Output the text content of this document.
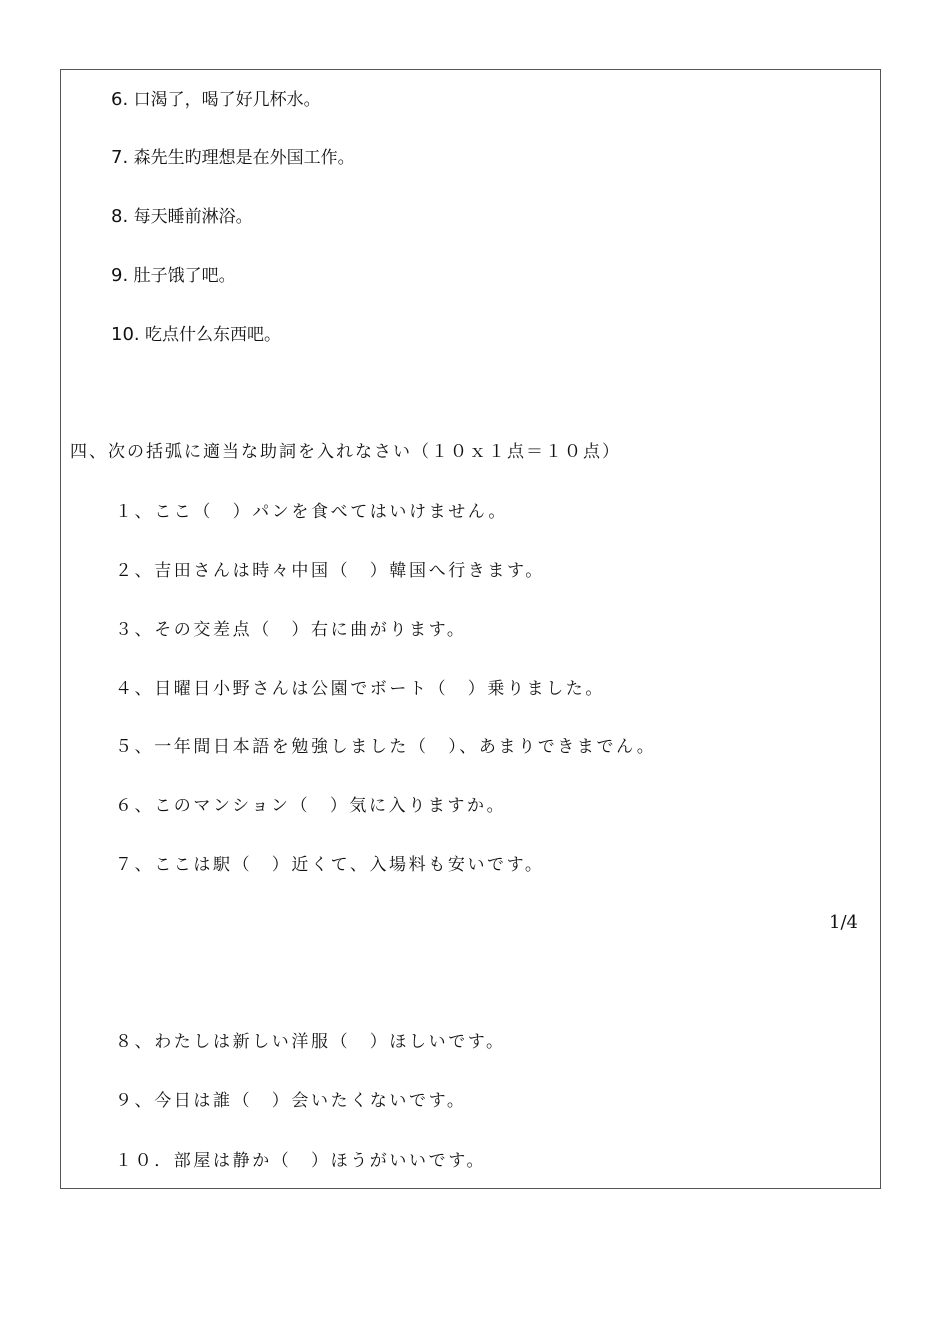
6. 口渴了，喝了好几杯水。
7. 森先生旳理想是在外国工作。
8. 每天睡前淋浴。
9. 肚子饿了吧。
10. 吃点什么东西吧。
四、次の括弧に適当な助詞を入れなさい（１０ｘ１点＝１０点）
１、ここ（　）パンを食べてはいけません。
２、吉田さんは時々中国（　）韓国へ行きます。
３、その交差点（　）右に曲がります。
４、日曜日小野さんは公園でボート（　）乗りました。
５、一年間日本語を勉強しました（　）、あまりできまでん。
６、このマンション（　）気に入りますか。
７、ここは駅（　）近くて、入場料も安いです。
1/4
８、わたしは新しい洋服（　）ほしいです。
９、今日は誰（　）会いたくないです。
１０．部屋は静か（　）ほうがいいです。
